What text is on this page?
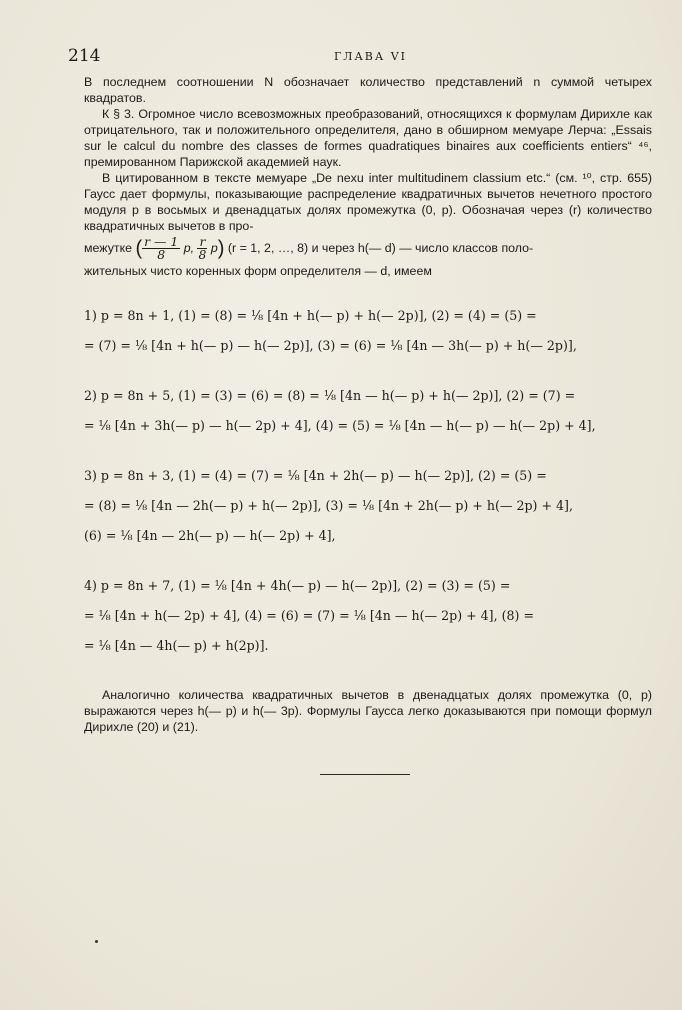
214	ГЛАВА VI

В последнем соотношении N обозначает количество представлений n суммой четырех квадратов.

К § 3. Огромное число всевозможных преобразований, относящихся к формулам Дирихле как отрицательного, так и положительного определителя, дано в обширном мемуаре Лерча: „Essais sur le calcul du nombre des classes de formes quadratiques binaires aux coefficients entiers“ ⁴⁶, премированном Парижской академией наук.

В цитированном в тексте мемуаре „De nexu inter multitudinem classium etc.“ (см. ¹⁰, стр. 655) Гаусс дает формулы, показывающие распределение квадратичных вычетов нечетного простого модуля p в восьмых и двенадцатых долях промежутка (0, p). Обозначая через (r) количество квадратичных вычетов в про-

межутке ( $\frac{r — 1}{8} p$, $\frac{r}{8} p$) (r = 1, 2, …, 8) и через h(— d) — число классов поло-

жительных чисто коренных форм определителя — d, имеем

1) p = 8n + 1, (1) = (8) = ⅛ [4n + h(— p) + h(— 2p)], (2) = (4) = (5) =
= (7) = ⅛ [4n + h(— p) — h(— 2p)], (3) = (6) = ⅛ [4n — 3h(— p) + h(— 2p)],
2) p = 8n + 5, (1) = (3) = (6) = (8) = ⅛ [4n — h(— p) + h(— 2p)], (2) = (7) =
= ⅛ [4n + 3h(— p) — h(— 2p) + 4], (4) = (5) = ⅛ [4n — h(— p) — h(— 2p) + 4],
3) p = 8n + 3, (1) = (4) = (7) = ⅛ [4n + 2h(— p) — h(— 2p)], (2) = (5) =
= (8) = ⅛ [4n — 2h(— p) + h(— 2p)], (3) = ⅛ [4n + 2h(— p) + h(— 2p) + 4],
(6) = ⅛ [4n — 2h(— p) — h(— 2p) + 4],
4) p = 8n + 7, (1) = ⅛ [4n + 4h(— p) — h(— 2p)], (2) = (3) = (5) =
= ⅛ [4n + h(— 2p) + 4], (4) = (6) = (7) = ⅛ [4n — h(— 2p) + 4], (8) =
= ⅛ [4n — 4h(— p) + h(2p)].

Аналогично количества квадратичных вычетов в двенадцатых долях промежутка (0, p) выражаются через h(— p) и h(— 3p). Формулы Гаусса легко доказываются при помощи формул Дирихле (20) и (21).
